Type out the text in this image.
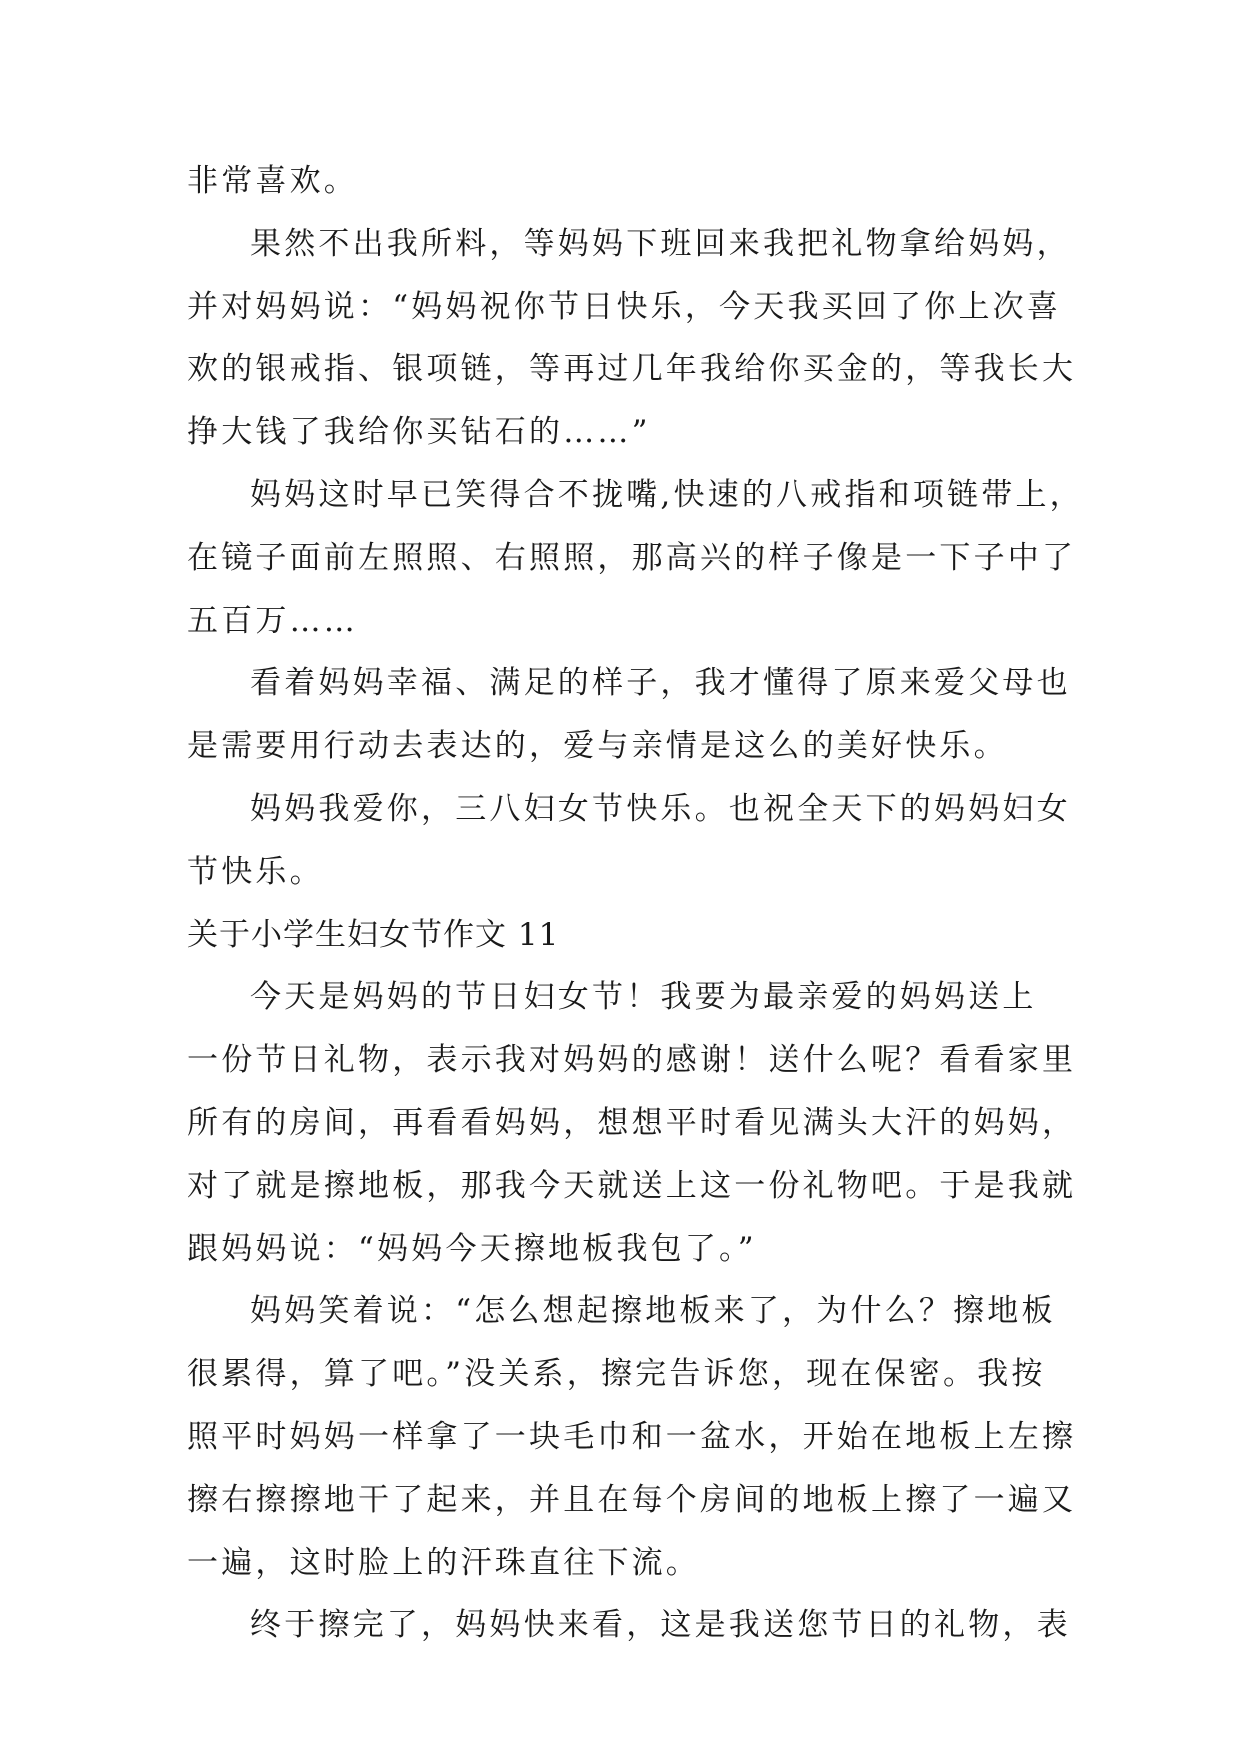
非常喜欢。
果然不出我所料，等妈妈下班回来我把礼物拿给妈妈，
并对妈妈说：“妈妈祝你节日快乐，今天我买回了你上次喜
欢的银戒指、银项链，等再过几年我给你买金的，等我长大
挣大钱了我给你买钻石的……”
妈妈这时早已笑得合不拢嘴,快速的八戒指和项链带上，
在镜子面前左照照、右照照，那高兴的样子像是一下子中了
五百万……
看着妈妈幸福、满足的样子，我才懂得了原来爱父母也
是需要用行动去表达的，爱与亲情是这么的美好快乐。
妈妈我爱你，三八妇女节快乐。也祝全天下的妈妈妇女
节快乐。
关于小学生妇女节作文 11
今天是妈妈的节日妇女节！我要为最亲爱的妈妈送上
一份节日礼物，表示我对妈妈的感谢！送什么呢？看看家里
所有的房间，再看看妈妈，想想平时看见满头大汗的妈妈，
对了就是擦地板，那我今天就送上这一份礼物吧。于是我就
跟妈妈说：“妈妈今天擦地板我包了。”
妈妈笑着说：“怎么想起擦地板来了，为什么？擦地板
很累得，算了吧。”没关系，擦完告诉您，现在保密。我按
照平时妈妈一样拿了一块毛巾和一盆水，开始在地板上左擦
擦右擦擦地干了起来，并且在每个房间的地板上擦了一遍又
一遍，这时脸上的汗珠直往下流。
终于擦完了，妈妈快来看，这是我送您节日的礼物，表
